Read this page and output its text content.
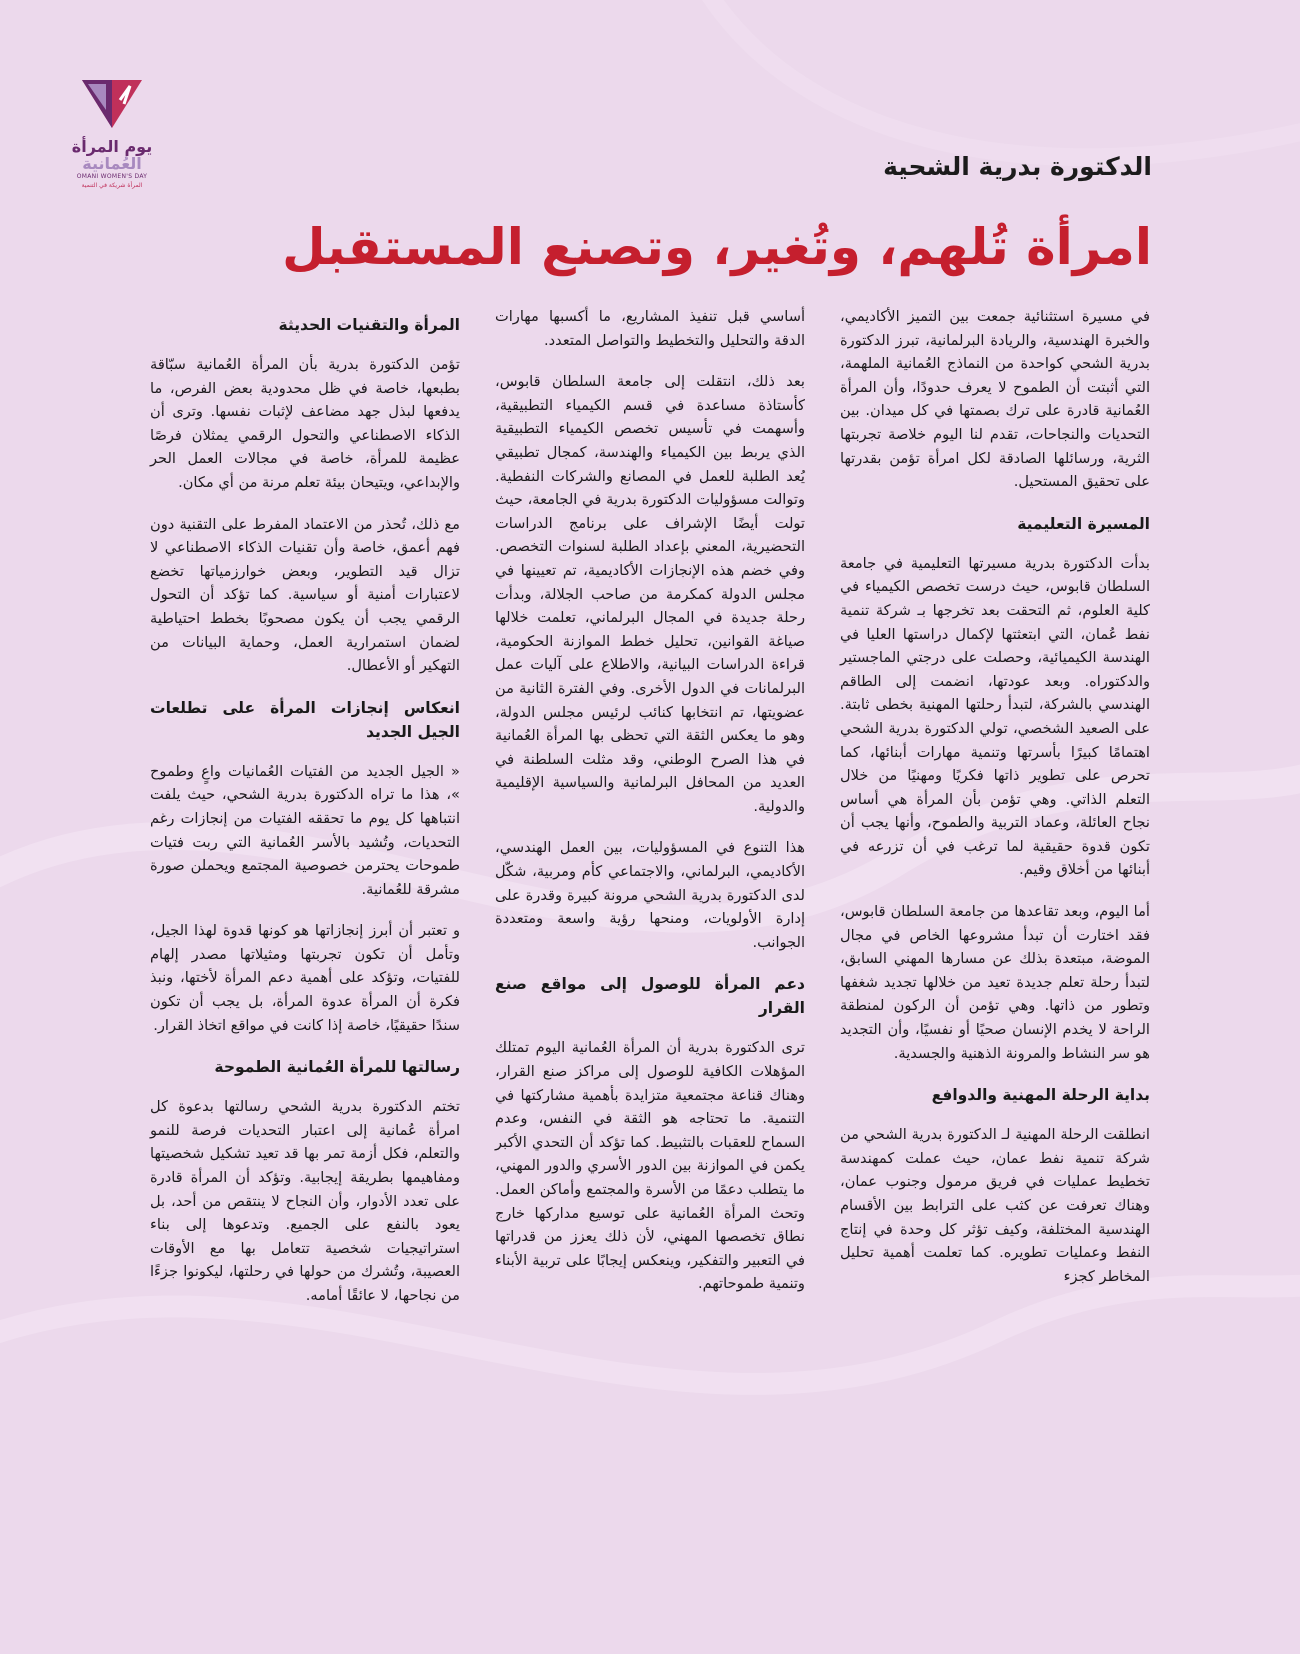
يوم المرأة
العُمانية
OMANI WOMEN'S DAY
المرأة شريكة في التنمية
الدكتورة بدرية الشحية
امرأة تُلهم، وتُغير، وتصنع المستقبل

في مسيرة استثنائية جمعت بين التميز الأكاديمي، والخبرة الهندسية، والريادة البرلمانية، تبرز الدكتورة بدرية الشحي كواحدة من النماذج العُمانية الملهمة، التي أثبتت أن الطموح لا يعرف حدودًا، وأن المرأة العُمانية قادرة على ترك بصمتها في كل ميدان. بين التحديات والنجاحات، تقدم لنا اليوم خلاصة تجربتها الثرية، ورسائلها الصادقة لكل امرأة تؤمن بقدرتها على تحقيق المستحيل.

المسيرة التعليمية

بدأت الدكتورة بدرية مسيرتها التعليمية في جامعة السلطان قابوس، حيث درست تخصص الكيمياء في كلية العلوم، ثم التحقت بعد تخرجها بـ شركة تنمية نفط عُمان، التي ابتعثتها لإكمال دراستها العليا في الهندسة الكيميائية، وحصلت على درجتي الماجستير والدكتوراه. وبعد عودتها، انضمت إلى الطاقم الهندسي بالشركة، لتبدأ رحلتها المهنية بخطى ثابتة. على الصعيد الشخصي، تولي الدكتورة بدرية الشحي اهتمامًا كبيرًا بأسرتها وتنمية مهارات أبنائها، كما تحرص على تطوير ذاتها فكريًا ومهنيًا من خلال التعلم الذاتي. وهي تؤمن بأن المرأة هي أساس نجاح العائلة، وعماد التربية والطموح، وأنها يجب أن تكون قدوة حقيقية لما ترغب في أن تزرعه في أبنائها من أخلاق وقيم.

أما اليوم، وبعد تقاعدها من جامعة السلطان قابوس، فقد اختارت أن تبدأ مشروعها الخاص في مجال الموضة، مبتعدة بذلك عن مسارها المهني السابق، لتبدأ رحلة تعلم جديدة تعيد من خلالها تجديد شغفها وتطور من ذاتها. وهي تؤمن أن الركون لمنطقة الراحة لا يخدم الإنسان صحيًا أو نفسيًا، وأن التجديد هو سر النشاط والمرونة الذهنية والجسدية.

بداية الرحلة المهنية والدوافع

انطلقت الرحلة المهنية لـ الدكتورة بدرية الشحي من شركة تنمية نفط عمان، حيث عملت كمهندسة تخطيط عمليات في فريق مرمول وجنوب عمان، وهناك تعرفت عن كثب على الترابط بين الأقسام الهندسية المختلفة، وكيف تؤثر كل وحدة في إنتاج النفط وعمليات تطويره. كما تعلمت أهمية تحليل المخاطر كجزء

أساسي قبل تنفيذ المشاريع، ما أكسبها مهارات الدقة والتحليل والتخطيط والتواصل المتعدد.

بعد ذلك، انتقلت إلى جامعة السلطان قابوس، كأستاذة مساعدة في قسم الكيمياء التطبيقية، وأسهمت في تأسيس تخصص الكيمياء التطبيقية الذي يربط بين الكيمياء والهندسة، كمجال تطبيقي يُعد الطلبة للعمل في المصانع والشركات النفطية. وتوالت مسؤوليات الدكتورة بدرية في الجامعة، حيث تولت أيضًا الإشراف على برنامج الدراسات التحضيرية، المعني بإعداد الطلبة لسنوات التخصص. وفي خضم هذه الإنجازات الأكاديمية، تم تعيينها في مجلس الدولة كمكرمة من صاحب الجلالة، وبدأت رحلة جديدة في المجال البرلماني، تعلمت خلالها صياغة القوانين، تحليل خطط الموازنة الحكومية، قراءة الدراسات البيانية، والاطلاع على آليات عمل البرلمانات في الدول الأخرى. وفي الفترة الثانية من عضويتها، تم انتخابها كنائب لرئيس مجلس الدولة، وهو ما يعكس الثقة التي تحظى بها المرأة العُمانية في هذا الصرح الوطني، وقد مثلت السلطنة في العديد من المحافل البرلمانية والسياسية الإقليمية والدولية.

هذا التنوع في المسؤوليات، بين العمل الهندسي، الأكاديمي، البرلماني، والاجتماعي كأم ومربية، شكّل لدى الدكتورة بدرية الشحي مرونة كبيرة وقدرة على إدارة الأولويات، ومنحها رؤية واسعة ومتعددة الجوانب.

دعم المرأة للوصول إلى مواقع صنع القرار

ترى الدكتورة بدرية أن المرأة العُمانية اليوم تمتلك المؤهلات الكافية للوصول إلى مراكز صنع القرار، وهناك قناعة مجتمعية متزايدة بأهمية مشاركتها في التنمية. ما تحتاجه هو الثقة في النفس، وعدم السماح للعقبات بالتثبيط. كما تؤكد أن التحدي الأكبر يكمن في الموازنة بين الدور الأسري والدور المهني، ما يتطلب دعمًا من الأسرة والمجتمع وأماكن العمل. وتحث المرأة العُمانية على توسيع مداركها خارج نطاق تخصصها المهني، لأن ذلك يعزز من قدراتها في التعبير والتفكير، وينعكس إيجابًا على تربية الأبناء وتنمية طموحاتهم.

المرأة والتقنيات الحديثة

تؤمن الدكتورة بدرية بأن المرأة العُمانية سبّاقة بطبعها، خاصة في ظل محدودية بعض الفرص، ما يدفعها لبذل جهد مضاعف لإثبات نفسها. وترى أن الذكاء الاصطناعي والتحول الرقمي يمثلان فرصًا عظيمة للمرأة، خاصة في مجالات العمل الحر والإبداعي، ويتيحان بيئة تعلم مرنة من أي مكان.

مع ذلك، تُحذر من الاعتماد المفرط على التقنية دون فهم أعمق، خاصة وأن تقنيات الذكاء الاصطناعي لا تزال قيد التطوير، وبعض خوارزمياتها تخضع لاعتبارات أمنية أو سياسية. كما تؤكد أن التحول الرقمي يجب أن يكون مصحوبًا بخطط احتياطية لضمان استمرارية العمل، وحماية البيانات من التهكير أو الأعطال.

انعكاس إنجازات المرأة على تطلعات الجيل الجديد

« الجيل الجديد من الفتيات العُمانيات واعٍ وطموح »، هذا ما تراه الدكتورة بدرية الشحي، حيث يلفت انتباهها كل يوم ما تحققه الفتيات من إنجازات رغم التحديات، وتُشيد بالأسر العُمانية التي ربت فتيات طموحات يحترمن خصوصية المجتمع ويحملن صورة مشرقة للعُمانية.

و تعتبر أن أبرز إنجازاتها هو كونها قدوة لهذا الجيل، وتأمل أن تكون تجربتها ومثيلاتها مصدر إلهام للفتيات، وتؤكد على أهمية دعم المرأة لأختها، ونبذ فكرة أن المرأة عدوة المرأة، بل يجب أن تكون سندًا حقيقيًا، خاصة إذا كانت في مواقع اتخاذ القرار.

رسالتها للمرأة العُمانية الطموحة

تختم الدكتورة بدرية الشحي رسالتها بدعوة كل امرأة عُمانية إلى اعتبار التحديات فرصة للنمو والتعلم، فكل أزمة تمر بها قد تعيد تشكيل شخصيتها ومفاهيمها بطريقة إيجابية. وتؤكد أن المرأة قادرة على تعدد الأدوار، وأن النجاح لا ينتقص من أحد، بل يعود بالنفع على الجميع. وتدعوها إلى بناء استراتيجيات شخصية تتعامل بها مع الأوقات العصيبة، وتُشرك من حولها في رحلتها، ليكونوا جزءًا من نجاحها، لا عائقًا أمامه.
